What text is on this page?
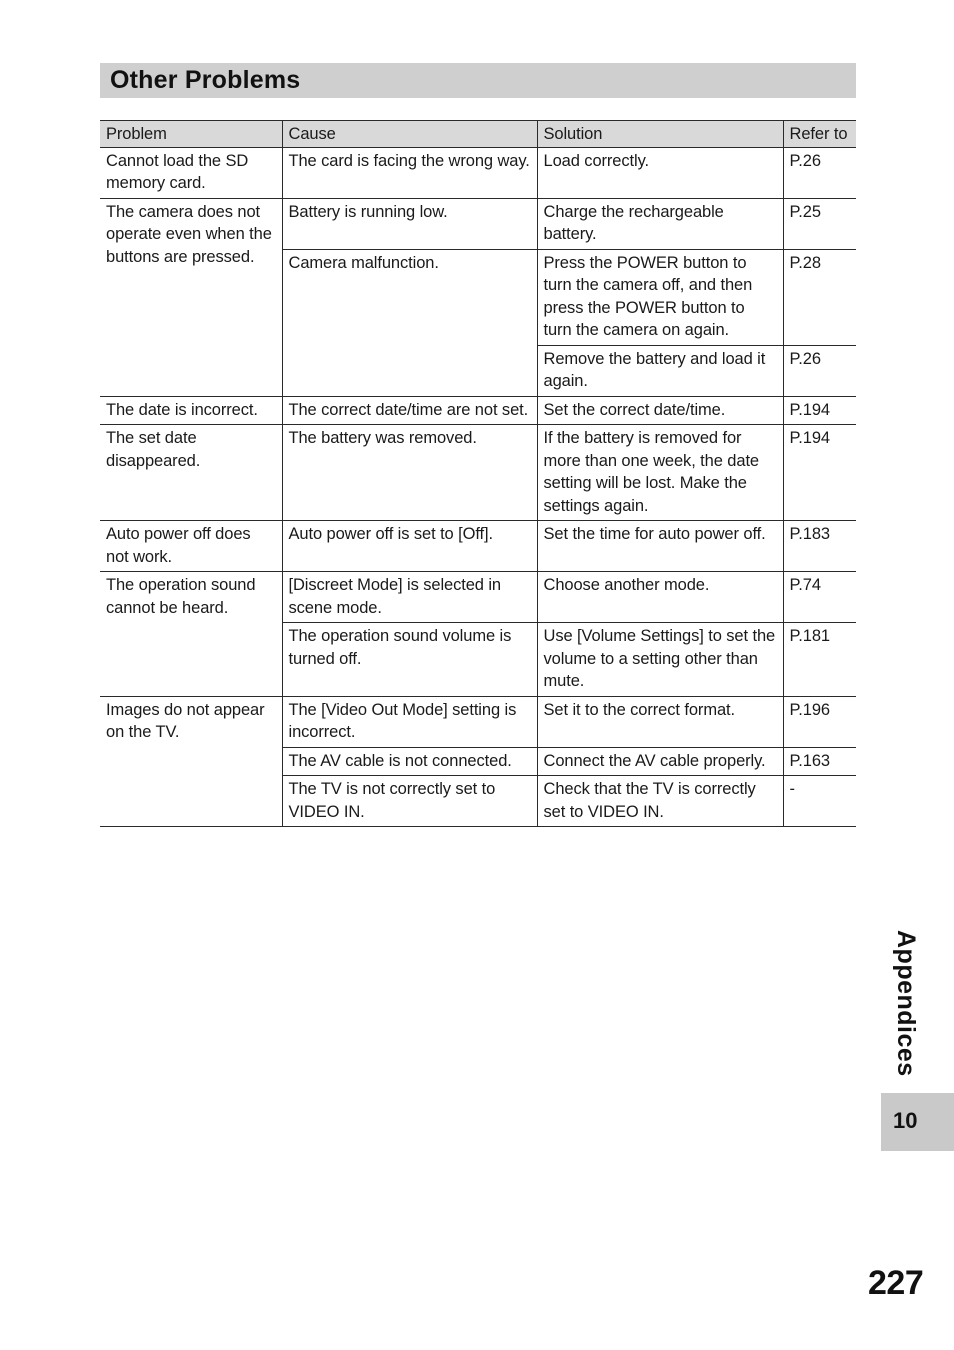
Other Problems
Problem	Cause	Solution	Refer to
Cannot load the SD memory card.	The card is facing the wrong way.	Load correctly.	P.26
The camera does not operate even when the buttons are pressed.	Battery is running low.	Charge the rechargeable battery.	P.25
	Camera malfunction.	Press the POWER button to turn the camera off, and then press the POWER button to turn the camera on again.	P.28
		Remove the battery and load it again.	P.26
The date is incorrect.	The correct date/time are not set.	Set the correct date/time.	P.194
The set date disappeared.	The battery was removed.	If the battery is removed for more than one week, the date setting will be lost. Make the settings again.	P.194
Auto power off does not work.	Auto power off is set to [Off].	Set the time for auto power off.	P.183
The operation sound cannot be heard.	[Discreet Mode] is selected in scene mode.	Choose another mode.	P.74
	The operation sound volume is turned off.	Use [Volume Settings] to set the volume to a setting other than mute.	P.181
Images do not appear on the TV.	The [Video Out Mode] setting is incorrect.	Set it to the correct format.	P.196
	The AV cable is not connected.	Connect the AV cable properly.	P.163
	The TV is not correctly set to VIDEO IN.	Check that the TV is correctly set to VIDEO IN.	-
Appendices
10
227
